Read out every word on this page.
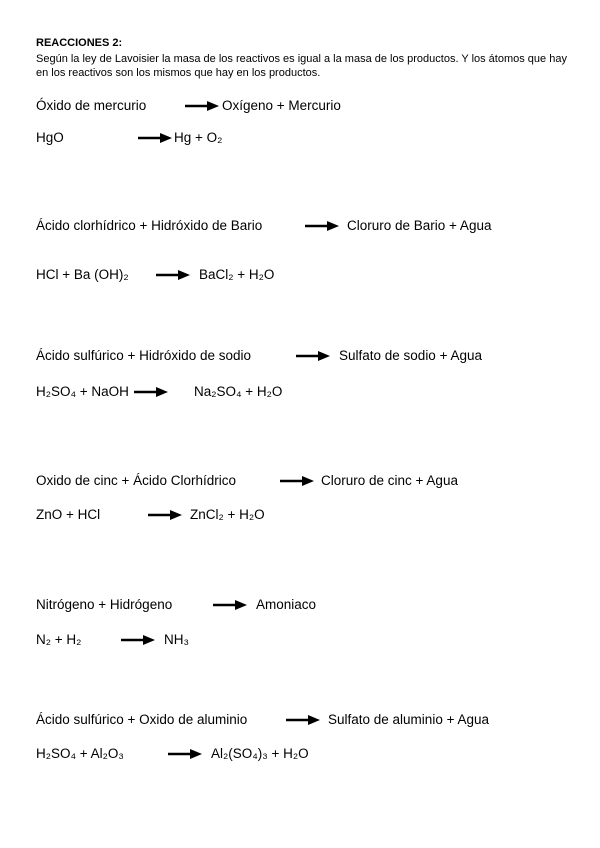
REACCIONES 2:
Según la ley de Lavoisier la masa de los reactivos es igual a la masa de los productos. Y los átomos que hay en los reactivos son los mismos que hay en los productos.
Óxido de mercurio → Oxígeno + Mercurio
HgO	→ Hg + O₂
Ácido clorhídrico + Hidróxido de Bario	→ Cloruro de Bario + Agua
HCl + Ba (OH)₂ → BaCl₂ + H₂O
Ácido sulfúrico + Hidróxido de sodio	→ Sulfato de sodio + Agua
H₂SO₄ + NaOH → Na₂SO₄ + H₂O
Oxido de cinc + Ácido Clorhídrico	→ Cloruro de cinc + Agua
ZnO + HCl	→ ZnCl₂ + H₂O
Nitrógeno + Hidrógeno	→ Amoniaco
N₂ + H₂ → NH₃
Ácido sulfúrico + Oxido de aluminio → Sulfato de aluminio + Agua
H₂SO₄ + Al₂O₃	→ Al₂(SO₄)₃ + H₂O
